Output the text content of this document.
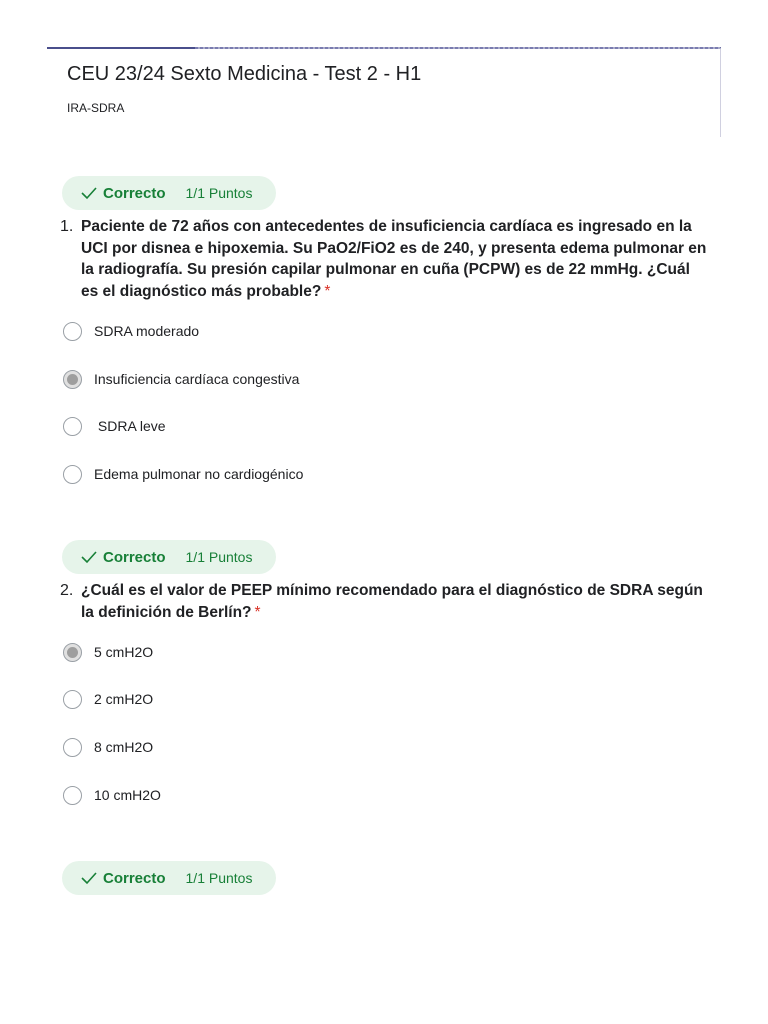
CEU 23/24 Sexto Medicina - Test 2 - H1
IRA-SDRA
Correcto 1/1 Puntos
1. Paciente de 72 años con antecedentes de insuficiencia cardíaca es ingresado en la UCI por disnea e hipoxemia. Su PaO2/FiO2 es de 240, y presenta edema pulmonar en la radiografía. Su presión capilar pulmonar en cuña (PCPW) es de 22 mmHg. ¿Cuál es el diagnóstico más probable? *
SDRA moderado
Insuficiencia cardíaca congestiva
SDRA leve
Edema pulmonar no cardiogénico
Correcto 1/1 Puntos
2. ¿Cuál es el valor de PEEP mínimo recomendado para el diagnóstico de SDRA según la definición de Berlín? *
5 cmH2O
2 cmH2O
8 cmH2O
10 cmH2O
Correcto 1/1 Puntos
